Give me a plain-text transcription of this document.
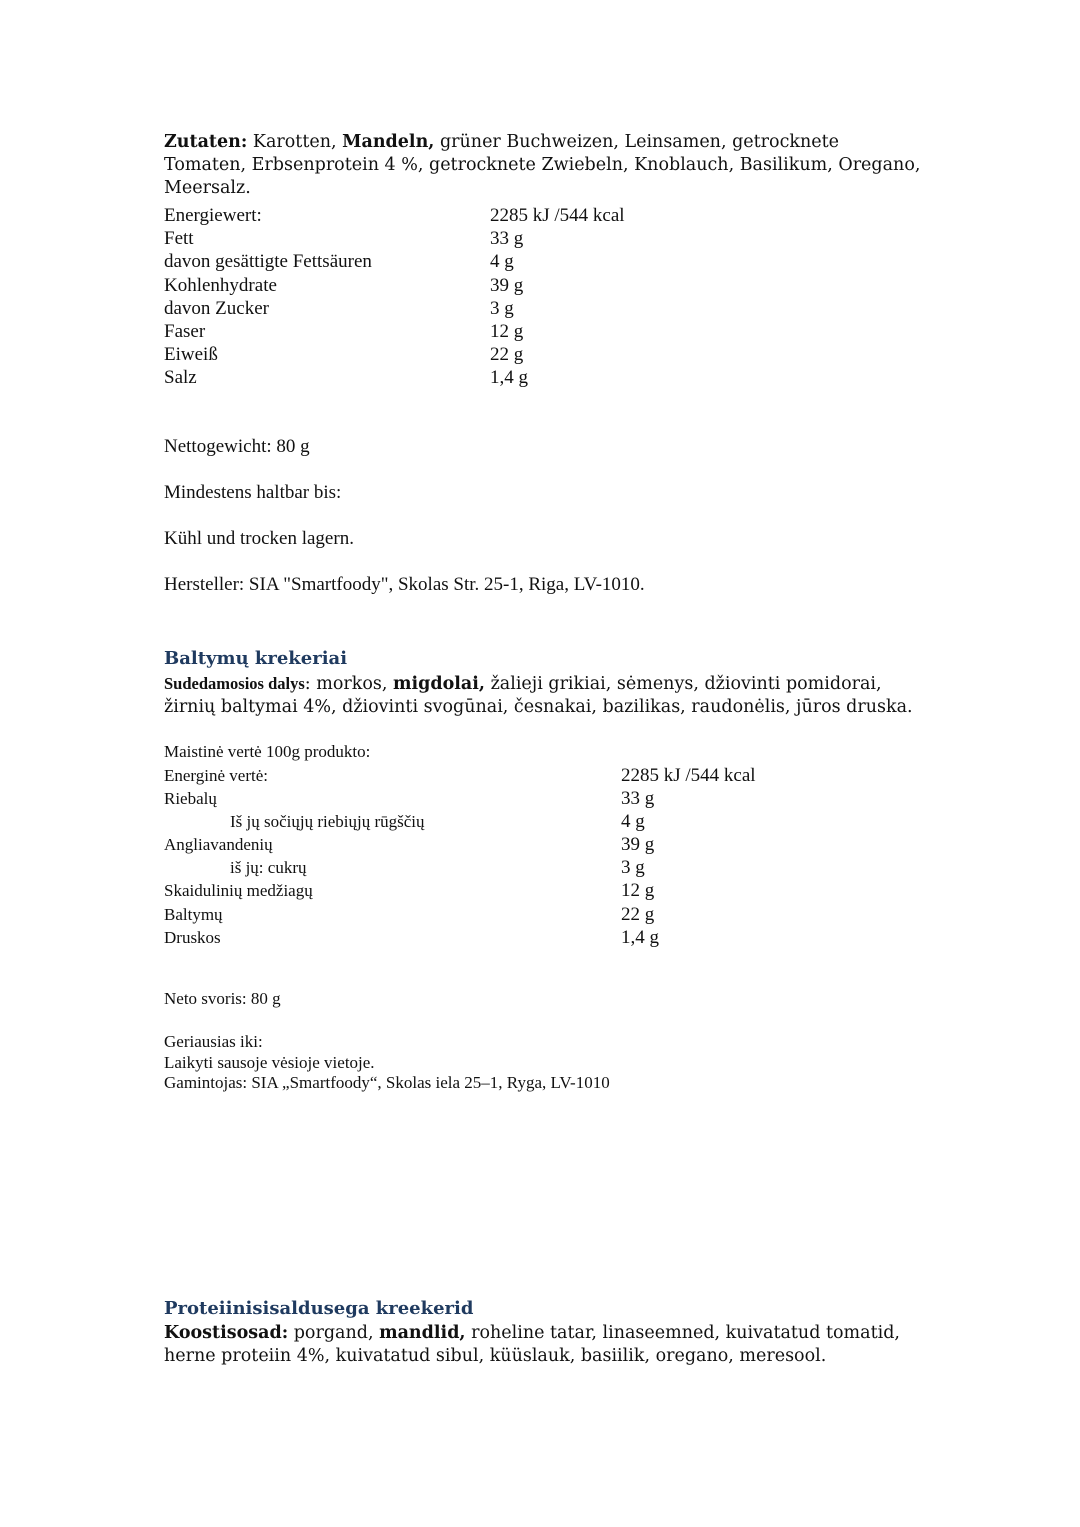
Zutaten: Karotten, Mandeln, grüner Buchweizen, Leinsamen, getrocknete Tomaten, Erbsenprotein 4 %, getrocknete Zwiebeln, Knoblauch, Basilikum, Oregano, Meersalz.
Energiewert:	2285 kJ /544 kcal
Fett	33 g
davon gesättigte Fettsäuren	4 g
Kohlenhydrate	39 g
davon Zucker	3 g
Faser	12 g
Eiweiß	22 g
Salz	1,4 g
Nettogewicht: 80 g
Mindestens haltbar bis:
Kühl und trocken lagern.
Hersteller: SIA "Smartfoody", Skolas Str. 25-1, Riga, LV-1010.
Baltymų krekeriai
Sudedamosios dalys: morkos, migdolai, žalieji grikiai, sėmenys, džiovinti pomidorai, žirnių baltymai 4%, džiovinti svogūnai, česnakai, bazilikas, raudonėlis, jūros druska.
Maistinė vertė 100g produkto:
Energinė vertė:	2285 kJ /544 kcal
Riebalų	33 g
Iš jų sočiųjų riebiųjų rūgščių	4 g
Angliavandenių	39 g
iš jų: cukrų	3 g
Skaidulinių medžiagų	12 g
Baltymų	22 g
Druskos	1,4 g
Neto svoris: 80 g
Geriausias iki:
Laikyti sausoje vėsioje vietoje.
Gamintojas: SIA „Smartfoody“, Skolas iela 25–1, Ryga, LV-1010
Proteiinisisaldusega kreekerid
Koostisosad: porgand, mandlid, roheline tatar, linaseemned, kuivatatud tomatid, herne proteiin 4%, kuivatatud sibul, küüslauk, basiilik, oregano, meresool.
